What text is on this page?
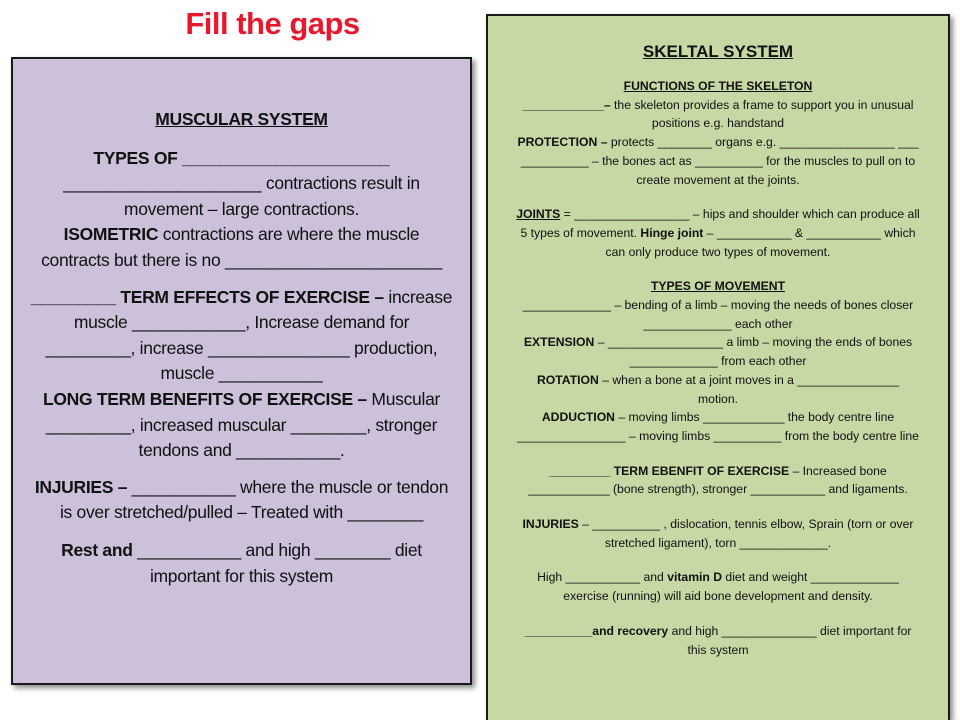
Fill the gaps
MUSCULAR SYSTEM
TYPES OF ______________________
_____________________ contractions result in
movement – large contractions.
ISOMETRIC contractions are where the muscle
contracts but there is no _______________________
_________ TERM EFFECTS OF EXERCISE – increase
muscle ____________, Increase demand for
_________, increase _______________ production,
muscle ___________
LONG TERM BENEFITS OF EXERCISE – Muscular
_________, increased muscular ________, stronger
tendons and ___________.
INJURIES – ___________ where the muscle or tendon
is over stretched/pulled – Treated with ________
Rest and ___________ and high ________ diet
important for this system
SKELTAL SYSTEM
FUNCTIONS OF THE SKELETON
____________– the skeleton provides a frame to support you in unusual
positions e.g. handstand
PROTECTION – protects ________ organs e.g. _________________ ___
__________ – the bones act as __________ for the muscles to pull on to
create movement at the joints.
JOINTS = _________________ – hips and shoulder which can produce all
5 types of movement. Hinge joint – ___________ & ___________ which
can only produce two types of movement.
TYPES OF MOVEMENT
_____________ – bending of a limb – moving the needs of bones closer
_____________ each other
EXTENSION – _________________ a limb – moving the ends of bones
_____________ from each other
ROTATION – when a bone at a joint moves in a _______________
motion.
ADDUCTION – moving limbs ____________ the body centre line
________________ – moving limbs __________ from the body centre line
_________ TERM EBENFIT OF EXERCISE – Increased bone
____________ (bone strength), stronger ___________ and ligaments.
INJURIES – __________ , dislocation, tennis elbow, Sprain (torn or over
stretched ligament), torn _____________.
High ___________ and vitamin D diet and weight _____________
exercise (running) will aid bone development and density.
__________and recovery and high ______________ diet important for
this system
